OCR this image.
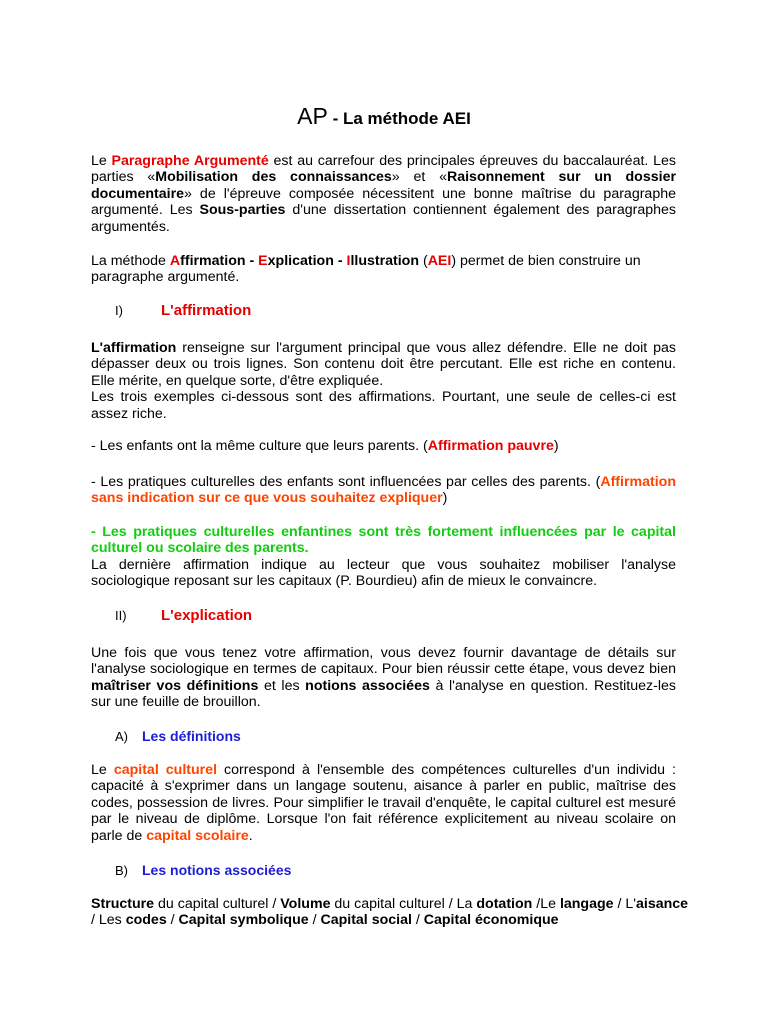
AP - La méthode AEI

Le Paragraphe Argumenté est au carrefour des principales épreuves du baccalauréat. Les parties «Mobilisation des connaissances» et «Raisonnement sur un dossier documentaire» de l'épreuve composée nécessitent une bonne maîtrise du paragraphe argumenté. Les Sous-parties d'une dissertation contiennent également des paragraphes argumentés.

La méthode Affirmation - Explication - Illustration (AEI) permet de bien construire un paragraphe argumenté.

I)	L'affirmation

L'affirmation renseigne sur l'argument principal que vous allez défendre. Elle ne doit pas dépasser deux ou trois lignes. Son contenu doit être percutant. Elle est riche en contenu. Elle mérite, en quelque sorte, d'être expliquée.
Les trois exemples ci-dessous sont des affirmations. Pourtant, une seule de celles-ci est assez riche.

- Les enfants ont la même culture que leurs parents. (Affirmation pauvre)

- Les pratiques culturelles des enfants sont influencées par celles des parents. (Affirmation sans indication sur ce que vous souhaitez expliquer)

- Les pratiques culturelles enfantines sont très fortement influencées par le capital culturel ou scolaire des parents.
La dernière affirmation indique au lecteur que vous souhaitez mobiliser l'analyse sociologique reposant sur les capitaux (P. Bourdieu) afin de mieux le convaincre.

II)	L'explication

Une fois que vous tenez votre affirmation, vous devez fournir davantage de détails sur l'analyse sociologique en termes de capitaux. Pour bien réussir cette étape, vous devez bien maîtriser vos définitions et les notions associées à l'analyse en question. Restituez-les sur une feuille de brouillon.

A)	Les définitions

Le capital culturel correspond à l'ensemble des compétences culturelles d'un individu : capacité à s'exprimer dans un langage soutenu, aisance à parler en public, maîtrise des codes, possession de livres. Pour simplifier le travail d'enquête, le capital culturel est mesuré par le niveau de diplôme. Lorsque l'on fait référence explicitement au niveau scolaire on parle de capital scolaire.

B)	Les notions associées

Structure du capital culturel / Volume du capital culturel / La dotation /Le langage / L'aisance / Les codes / Capital symbolique / Capital social / Capital économique
